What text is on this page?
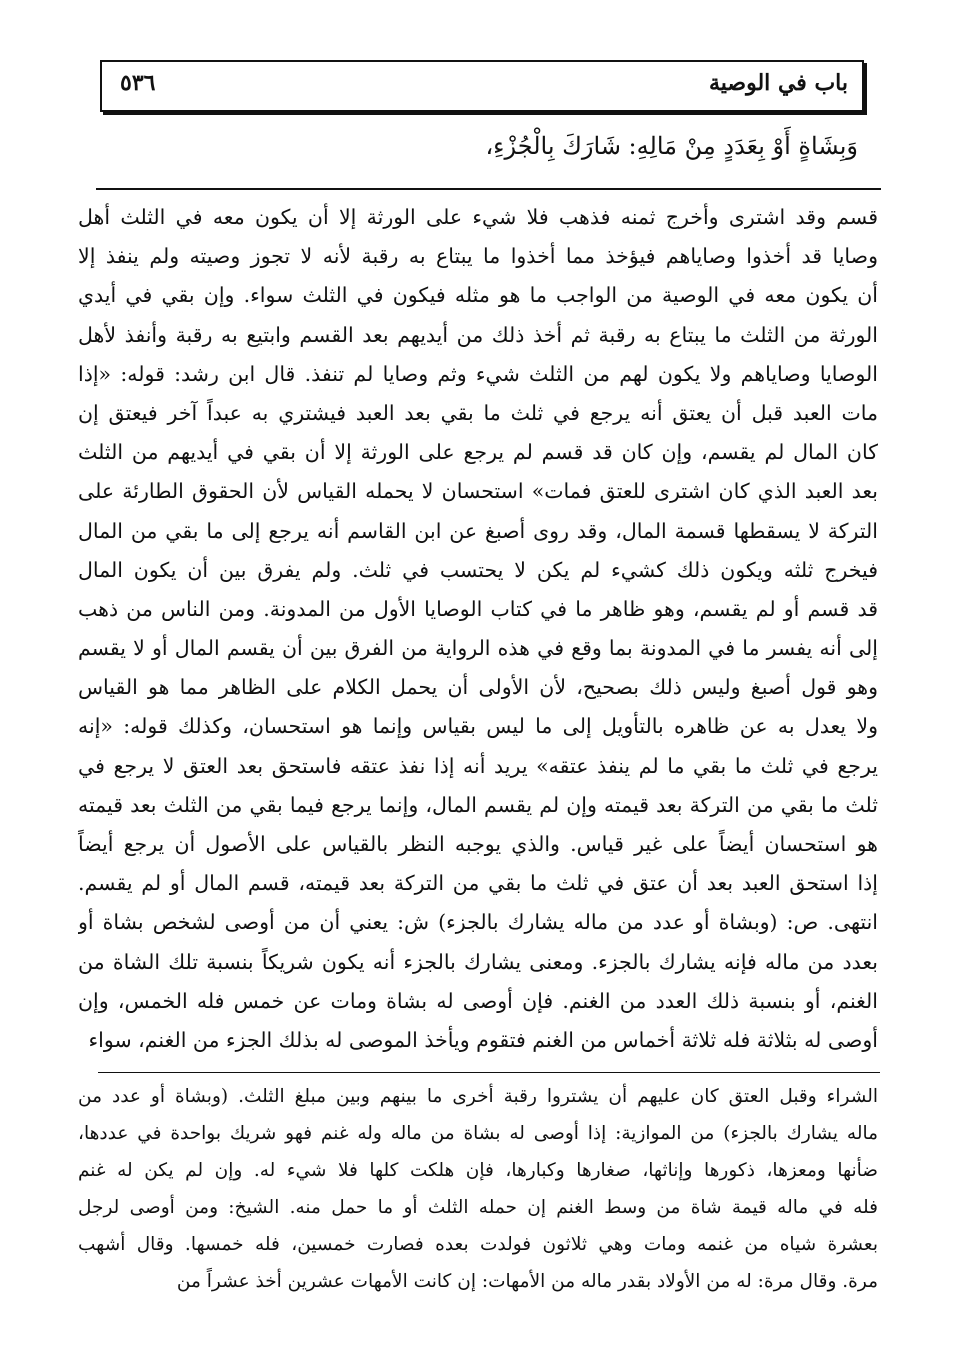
باب في الوصية
٥٣٦
وَبِشَاةٍ أَوْ بِعَدَدٍ مِنْ مَالِهِ: شَارَكَ بِالْجُزْءِ،
قسم وقد اشترى وأخرج ثمنه فذهب فلا شيء على الورثة إلا أن يكون معه في الثلث أهل
وصايا قد أخذوا وصاياهم فيؤخذ مما أخذوا ما يبتاع به رقبة لأنه لا تجوز وصيته ولم ينفذ إلا
أن يكون معه في الوصية من الواجب ما هو مثله فيكون في الثلث سواء. وإن بقي في أيدي
الورثة من الثلث ما يبتاع به رقبة ثم أخذ ذلك من أيديهم بعد القسم وابتيع به رقبة وأنفذ لأهل
الوصايا وصاياهم ولا يكون لهم من الثلث شيء وثم وصايا لم تنفذ. قال ابن رشد: قوله: «إذا
مات العبد قبل أن يعتق أنه يرجع في ثلث ما بقي بعد العبد فيشتري به عبداً آخر فيعتق إن
كان المال لم يقسم، وإن كان قد قسم لم يرجع على الورثة إلا أن بقي في أيديهم من الثلث
بعد العبد الذي كان اشترى للعتق فمات» استحسان لا يحمله القياس لأن الحقوق الطارئة على
التركة لا يسقطها قسمة المال، وقد روى أصبغ عن ابن القاسم أنه يرجع إلى ما بقي من المال
فيخرج ثلثه ويكون ذلك كشيء لم يكن لا يحتسب في ثلث. ولم يفرق بين أن يكون المال
قد قسم أو لم يقسم، وهو ظاهر ما في كتاب الوصايا الأول من المدونة. ومن الناس من ذهب
إلى أنه يفسر ما في المدونة بما وقع في هذه الرواية من الفرق بين أن يقسم المال أو لا يقسم
وهو قول أصبغ وليس ذلك بصحيح، لأن الأولى أن يحمل الكلام على الظاهر مما هو القياس
ولا يعدل به عن ظاهره بالتأويل إلى ما ليس بقياس وإنما هو استحسان، وكذلك قوله: «إنه
يرجع في ثلث ما بقي ما لم ينفذ عتقه» يريد أنه إذا نفذ عتقه فاستحق بعد العتق لا يرجع في
ثلث ما بقي من التركة بعد قيمته وإن لم يقسم المال، وإنما يرجع فيما بقي من الثلث بعد قيمته
هو استحسان أيضاً على غير قياس. والذي يوجبه النظر بالقياس على الأصول أن يرجع أيضاً
إذا استحق العبد بعد أن عتق في ثلث ما بقي من التركة بعد قيمته، قسم المال أو لم يقسم.
انتهى. ص: (وبشاة أو عدد من ماله يشارك بالجزء) ش: يعني أن من أوصى لشخص بشاة أو
بعدد من ماله فإنه يشارك بالجزء. ومعنى يشارك بالجزء أنه يكون شريكاً بنسبة تلك الشاة من
الغنم، أو بنسبة ذلك العدد من الغنم. فإن أوصى له بشاة ومات عن خمس فله الخمس، وإن
أوصى له بثلاثة فله ثلاثة أخماس من الغنم فتقوم ويأخذ الموصى له بذلك الجزء من الغنم، سواء
الشراء وقبل العتق كان عليهم أن يشتروا رقبة أخرى ما بينهم وبين مبلغ الثلث. (وبشاة أو عدد من
ماله يشارك بالجزء) من الموازية: إذا أوصى له بشاة من ماله وله غنم فهو شريك بواحدة في عددها،
ضأنها ومعزها، ذكورها وإناثها، صغارها وكبارها، فإن هلكت كلها فلا شيء له. وإن لم يكن له غنم
فله في ماله قيمة شاة من وسط الغنم إن حمله الثلث أو ما حمل منه. الشيخ: ومن أوصى لرجل
بعشرة شياه من غنمه ومات وهي ثلاثون فولدت بعده فصارت خمسين، فله خمسها. وقال أشهب
مرة. وقال مرة: له من الأولاد بقدر ماله من الأمهات: إن كانت الأمهات عشرين أخذ عشراً من
